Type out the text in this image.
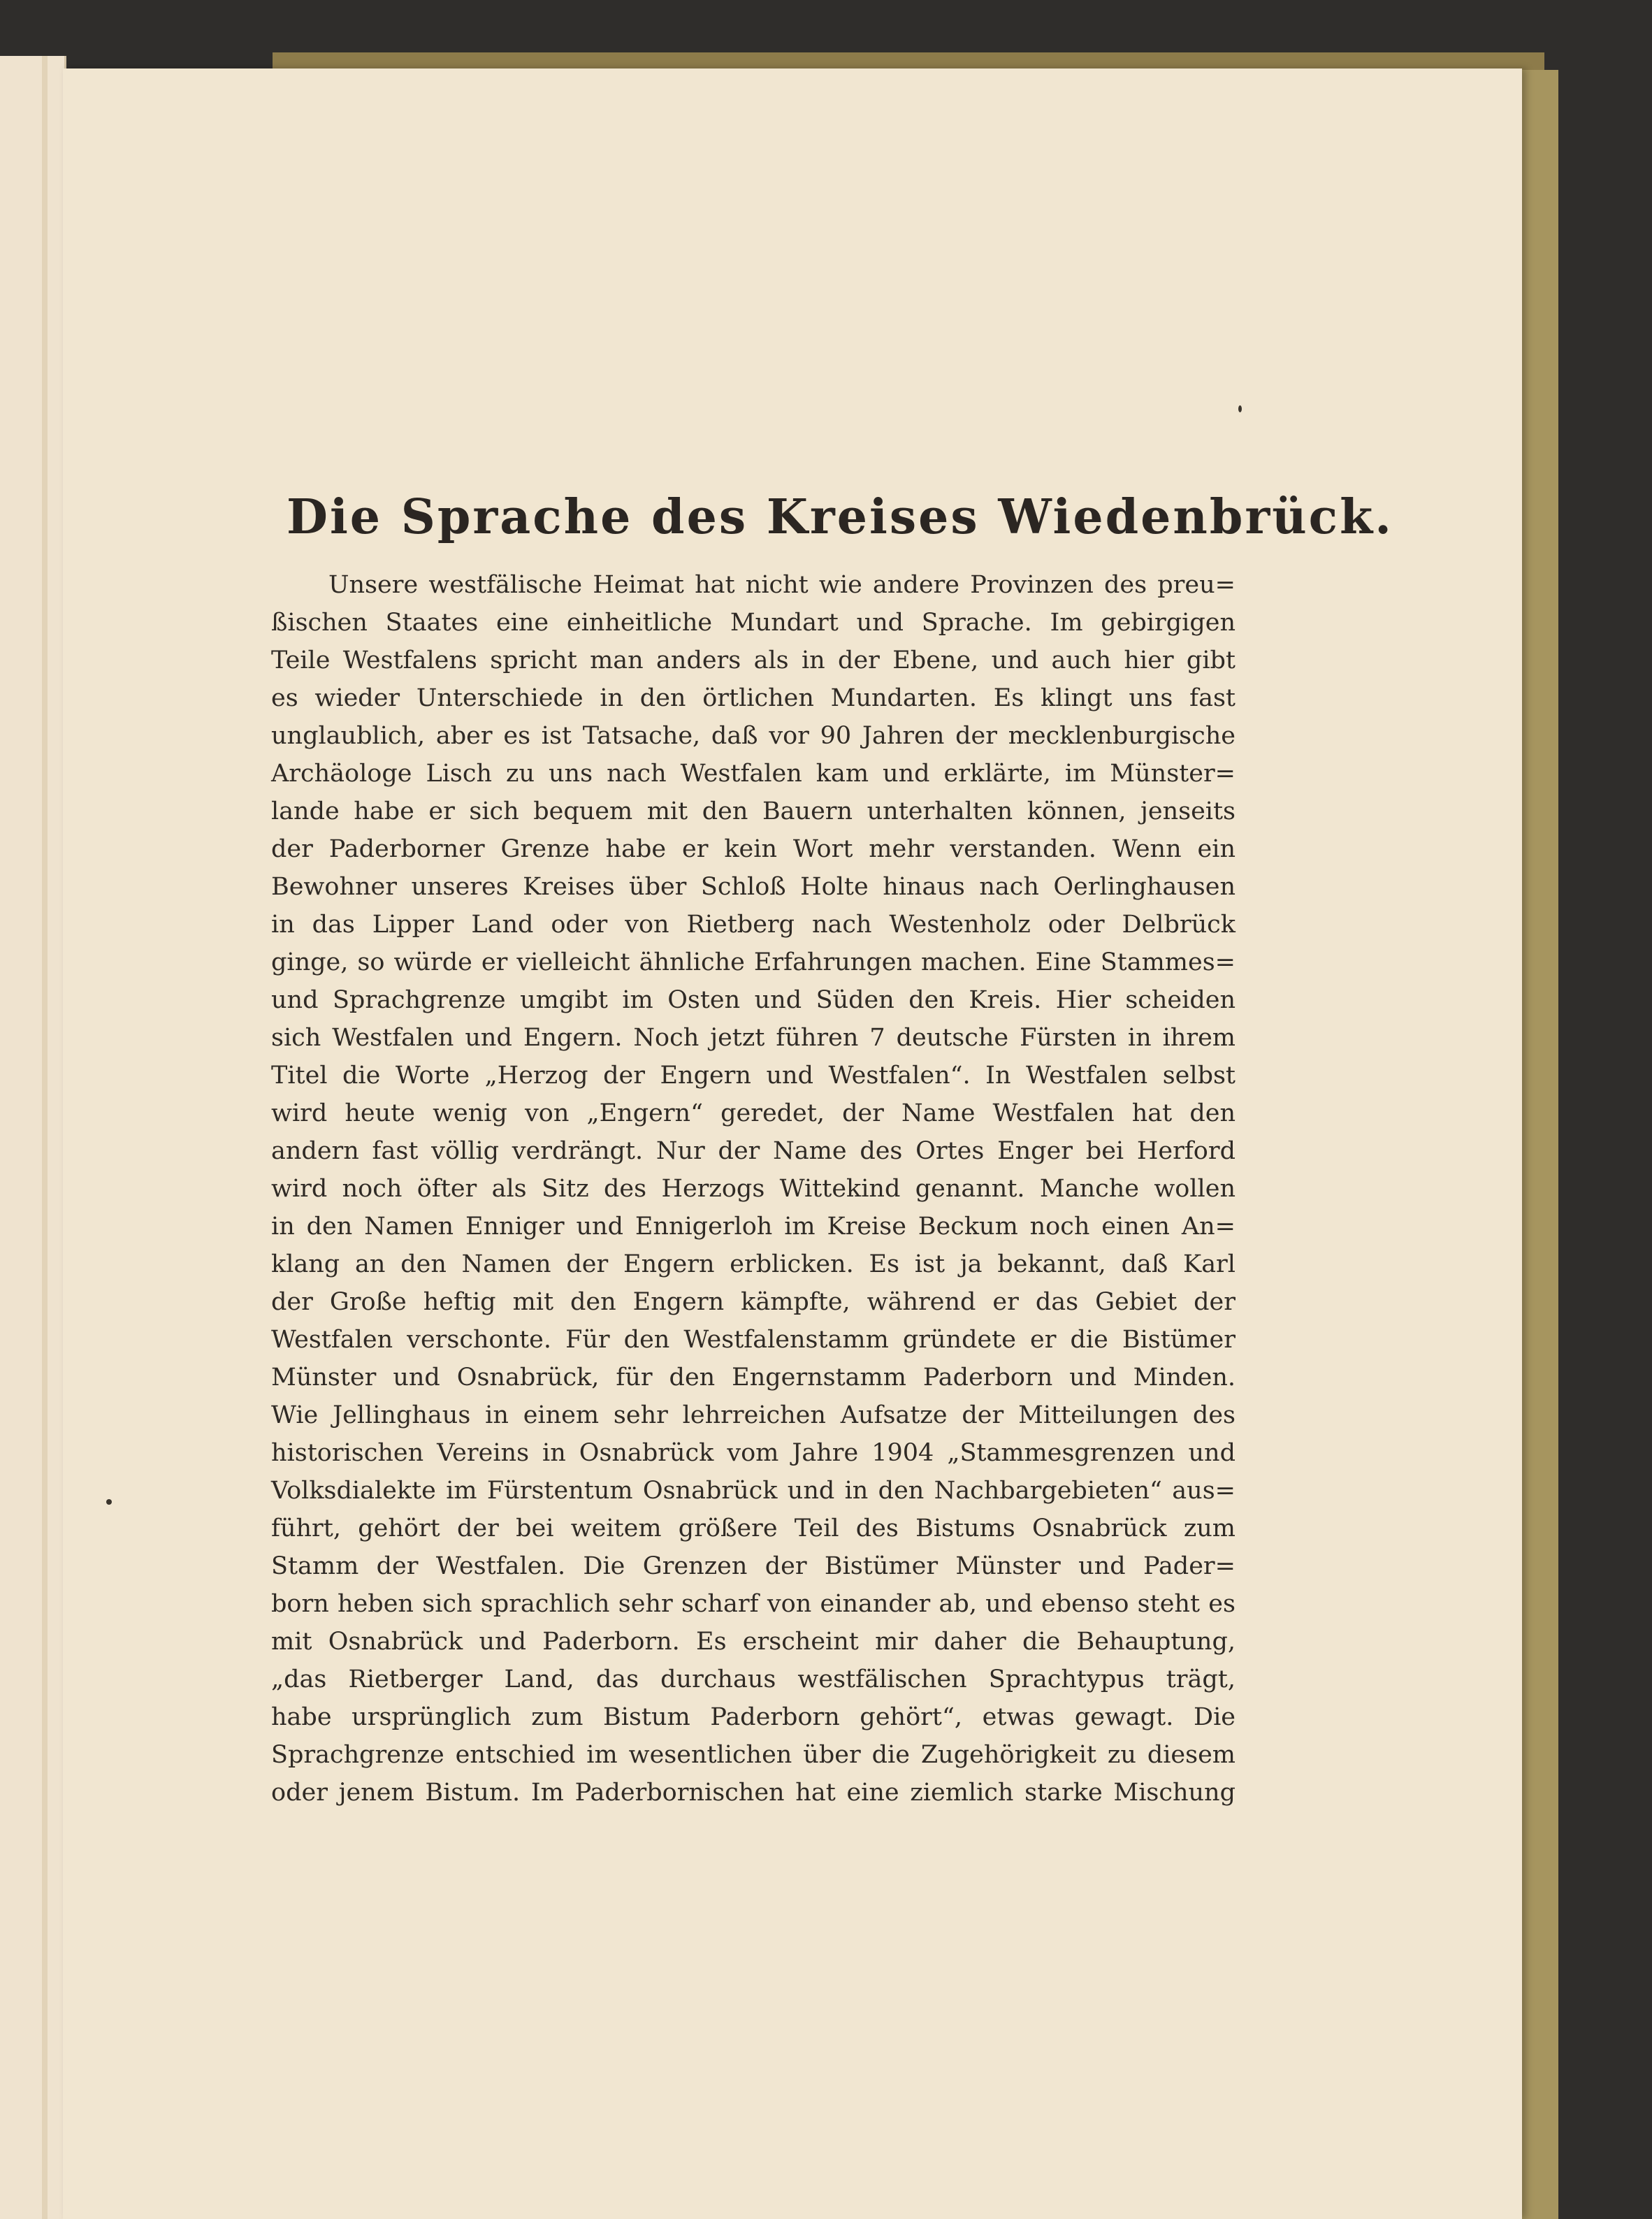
Die Sprache des Kreises Wiedenbrück.
Unsere westfälische Heimat hat nicht wie andere Provinzen des preu=
ßischen Staates eine einheitliche Mundart und Sprache. Im gebirgigen
Teile Westfalens spricht man anders als in der Ebene, und auch hier gibt
es wieder Unterschiede in den örtlichen Mundarten. Es klingt uns fast
unglaublich, aber es ist Tatsache, daß vor 90 Jahren der mecklenburgische
Archäologe Lisch zu uns nach Westfalen kam und erklärte, im Münster=
lande habe er sich bequem mit den Bauern unterhalten können, jenseits
der Paderborner Grenze habe er kein Wort mehr verstanden. Wenn ein
Bewohner unseres Kreises über Schloß Holte hinaus nach Oerlinghausen
in das Lipper Land oder von Rietberg nach Westenholz oder Delbrück
ginge, so würde er vielleicht ähnliche Erfahrungen machen. Eine Stammes=
und Sprachgrenze umgibt im Osten und Süden den Kreis. Hier scheiden
sich Westfalen und Engern. Noch jetzt führen 7 deutsche Fürsten in ihrem
Titel die Worte „Herzog der Engern und Westfalen“. In Westfalen selbst
wird heute wenig von „Engern“ geredet, der Name Westfalen hat den
andern fast völlig verdrängt. Nur der Name des Ortes Enger bei Herford
wird noch öfter als Sitz des Herzogs Wittekind genannt. Manche wollen
in den Namen Enniger und Ennigerloh im Kreise Beckum noch einen An=
klang an den Namen der Engern erblicken. Es ist ja bekannt, daß Karl
der Große heftig mit den Engern kämpfte, während er das Gebiet der
Westfalen verschonte. Für den Westfalenstamm gründete er die Bistümer
Münster und Osnabrück, für den Engernstamm Paderborn und Minden.
Wie Jellinghaus in einem sehr lehrreichen Aufsatze der Mitteilungen des
historischen Vereins in Osnabrück vom Jahre 1904 „Stammesgrenzen und
Volksdialekte im Fürstentum Osnabrück und in den Nachbargebieten“ aus=
führt, gehört der bei weitem größere Teil des Bistums Osnabrück zum
Stamm der Westfalen. Die Grenzen der Bistümer Münster und Pader=
born heben sich sprachlich sehr scharf von einander ab, und ebenso steht es
mit Osnabrück und Paderborn. Es erscheint mir daher die Behauptung,
„das Rietberger Land, das durchaus westfälischen Sprachtypus trägt,
habe ursprünglich zum Bistum Paderborn gehört“, etwas gewagt. Die
Sprachgrenze entschied im wesentlichen über die Zugehörigkeit zu diesem
oder jenem Bistum. Im Paderbornischen hat eine ziemlich starke Mischung
